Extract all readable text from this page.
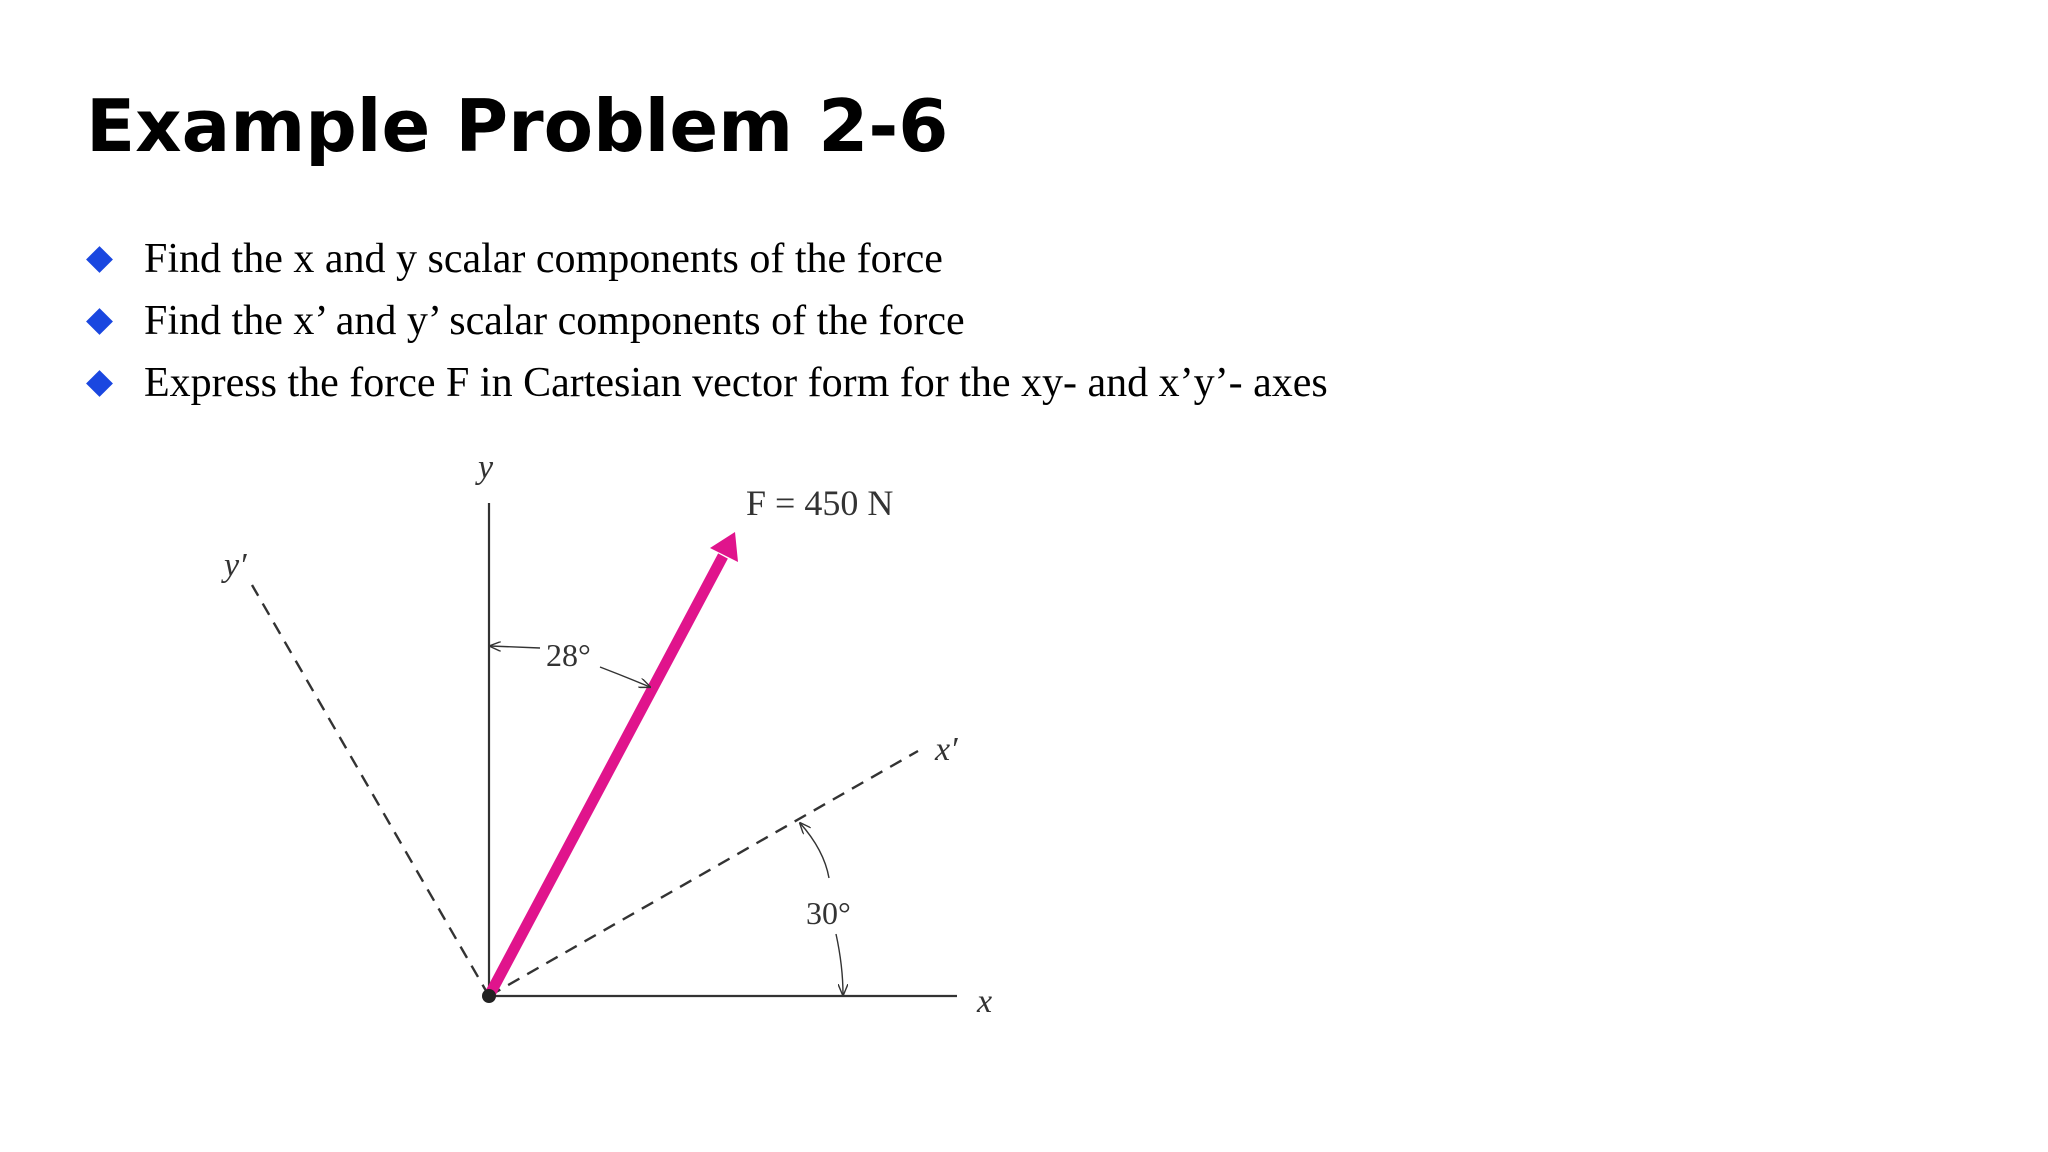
Example Problem 2-6
Find the x and y scalar components of the force
Find the x’ and y’ scalar components of the force
Express the force F in Cartesian vector form for the xy- and x’y’- axes
28°
30°
F = 450 N
y
x
x′
y′
